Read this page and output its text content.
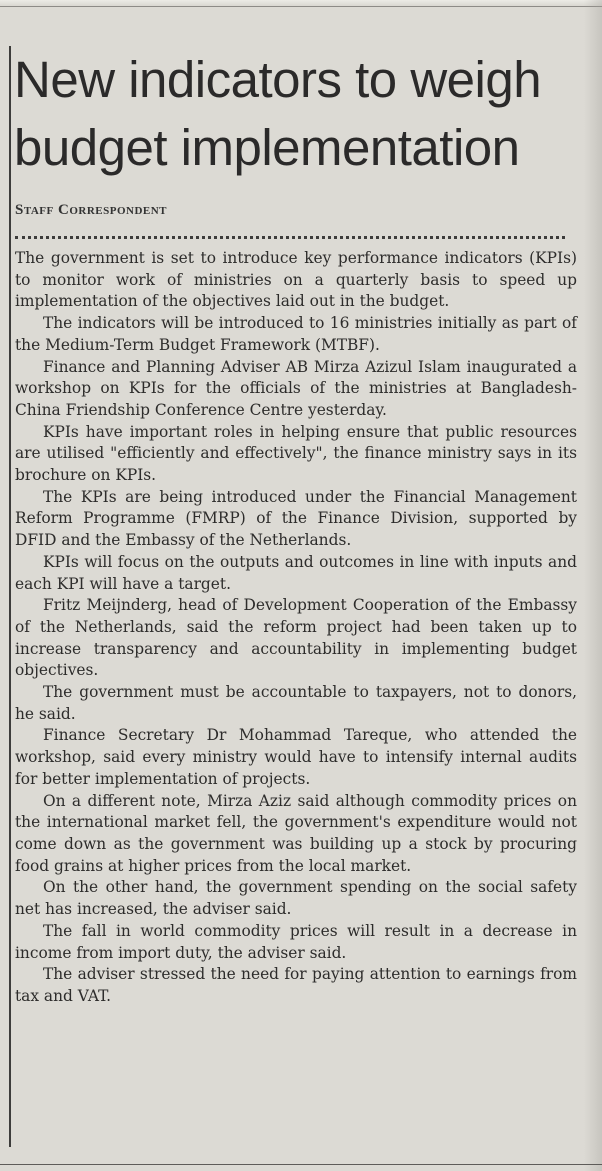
New indicators to weigh budget implementation
Staff Correspondent

The government is set to introduce key performance indicators (KPIs) to monitor work of ministries on a quarterly basis to speed up implementation of the objectives laid out in the budget.

The indicators will be introduced to 16 ministries initially as part of the Medium-Term Budget Framework (MTBF).

Finance and Planning Adviser AB Mirza Azizul Islam inaugurated a workshop on KPIs for the officials of the ministries at Bangladesh-China Friendship Conference Centre yesterday.

KPIs have important roles in helping ensure that public resources are utilised "efficiently and effectively", the finance ministry says in its brochure on KPIs.

The KPIs are being introduced under the Financial Management Reform Programme (FMRP) of the Finance Division, supported by DFID and the Embassy of the Netherlands.

KPIs will focus on the outputs and outcomes in line with inputs and each KPI will have a target.

Fritz Meijnderg, head of Development Cooperation of the Embassy of the Netherlands, said the reform project had been taken up to increase transparency and accountability in implementing budget objectives.

The government must be accountable to taxpayers, not to donors, he said.

Finance Secretary Dr Mohammad Tareque, who attended the workshop, said every ministry would have to intensify internal audits for better implementation of projects.

On a different note, Mirza Aziz said although commodity prices on the international market fell, the government's expenditure would not come down as the government was building up a stock by procuring food grains at higher prices from the local market.

On the other hand, the government spending on the social safety net has increased, the adviser said.

The fall in world commodity prices will result in a decrease in income from import duty, the adviser said.

The adviser stressed the need for paying attention to earnings from tax and VAT.
